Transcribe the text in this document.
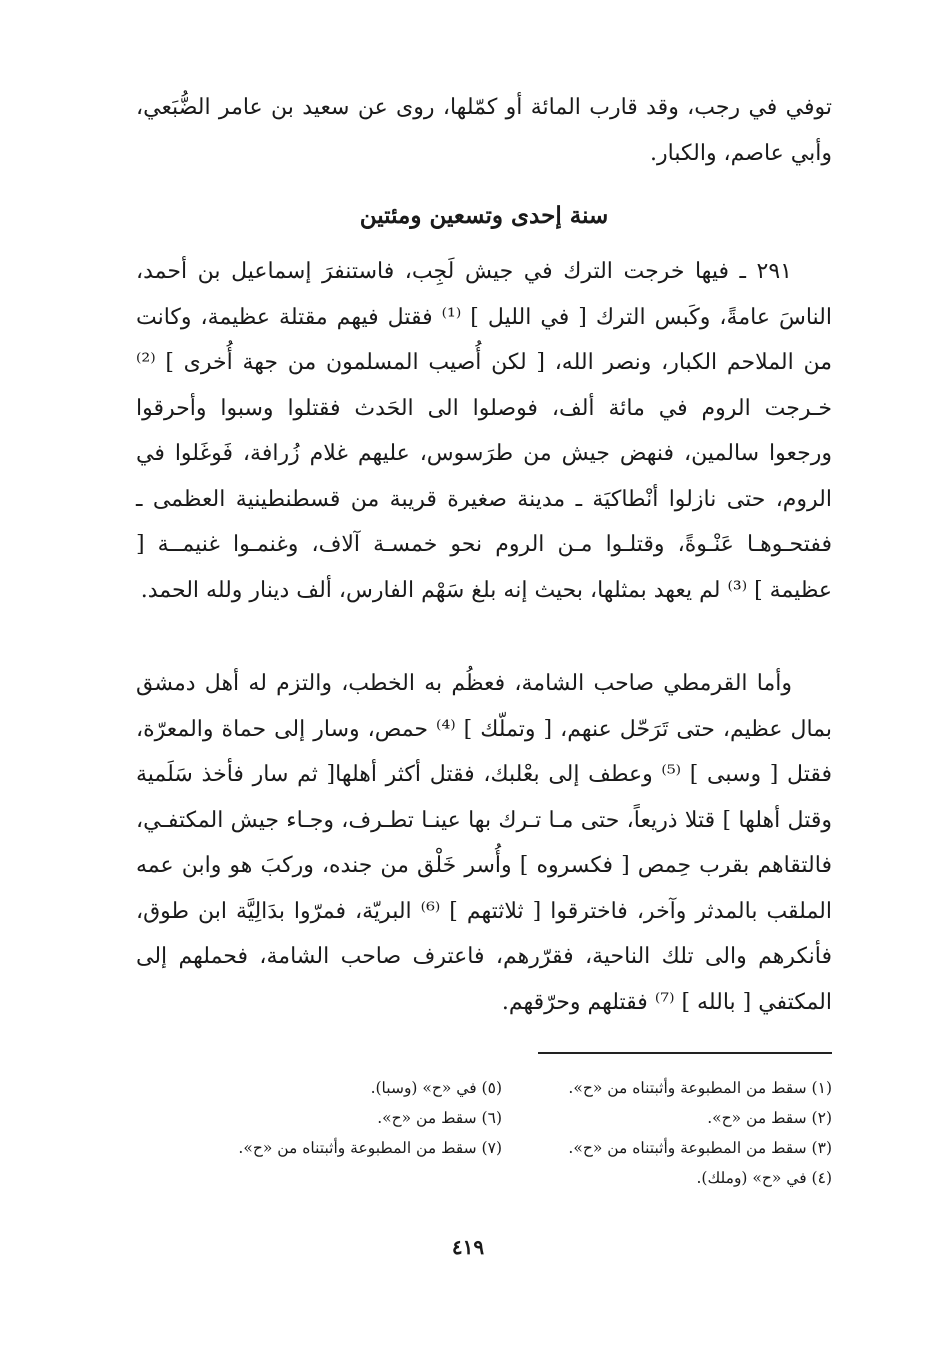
توفي في رجب، وقد قارب المائة أو كمّلها، روى عن سعيد بن عامر الضُّبَعي، وأبي عاصم، والكبار.

سنة إحدى وتسعين ومئتين

٢٩١ ـ فيها خرجت الترك في جيش لَجِب، فاستنفرَ إسماعيل بن أحمد، الناسَ عامةً، وكَبس الترك [ في الليل ] ⁽¹⁾ فقتل فيهم مقتلة عظيمة، وكانت من الملاحم الكبار، ونصر الله، [ لكن أُصيب المسلمون من جهة أُخرى ] ⁽²⁾ خـرجت الروم في مائة ألف، فوصلوا الى الحَدث فقتلوا وسبوا وأحرقوا ورجعوا سالمين، فنهض جيش من طرَسوس، عليهم غلام زُرافة، فَوغَلوا في الروم، حتى نازلوا أنْطاكيَة ـ مدينة صغيرة قريبة من قسطنطينية العظمى ـ ففتحـوهـا عَنْـوةً، وقتلـوا مـن الروم نحو خمسـة آلاف، وغنمـوا غنيمــة [ عظيمة ] ⁽³⁾ لم يعهد بمثلها، بحيث إنه بلغ سَهْم الفارس، ألف دينار ولله الحمد.

وأما القرمطي صاحب الشامة، فعظُم به الخطب، والتزم له أهل دمشق بمال عظيم، حتى تَرَحّل عنهم، [ وتملّك ] ⁽⁴⁾ حمص، وسار إلى حماة والمعرّة، فقتل [ وسبى ] ⁽⁵⁾ وعطف إلى بعْلبك، فقتل أكثر أهلها[ ثم سار فأخذ سَلَمية وقتل أهلها ] قتلا ذريعاً، حتى مـا تـرك بها عينـا تطـرف، وجـاء جيش المكتفـي، فالتقاهم بقرب حِمص [ فكسروه ] وأُسر خَلْق من جنده، وركبَ هو وابن عمه الملقب بالمدثر وآخر، فاخترقوا [ ثلاثتهم ] ⁽⁶⁾ البريّة، فمرّوا بدَالِيَّة ابن طوق، فأنكرهم والى تلك الناحية، فقرّرهم، فاعترف صاحب الشامة، فحملهم إلى المكتفي [ بالله ] ⁽⁷⁾ فقتلهم وحرّقهم.

(١) سقط من المطبوعة وأثبتناه من «ح».
(٥) في «ح» (وسبا).
(٢) سقط من «ح».
(٦) سقط من «ح».
(٣) سقط من المطبوعة وأثبتناه من «ح».
(٧) سقط من المطبوعة وأثبتناه من «ح».
(٤) في «ح» (وملك).
٤١٩
